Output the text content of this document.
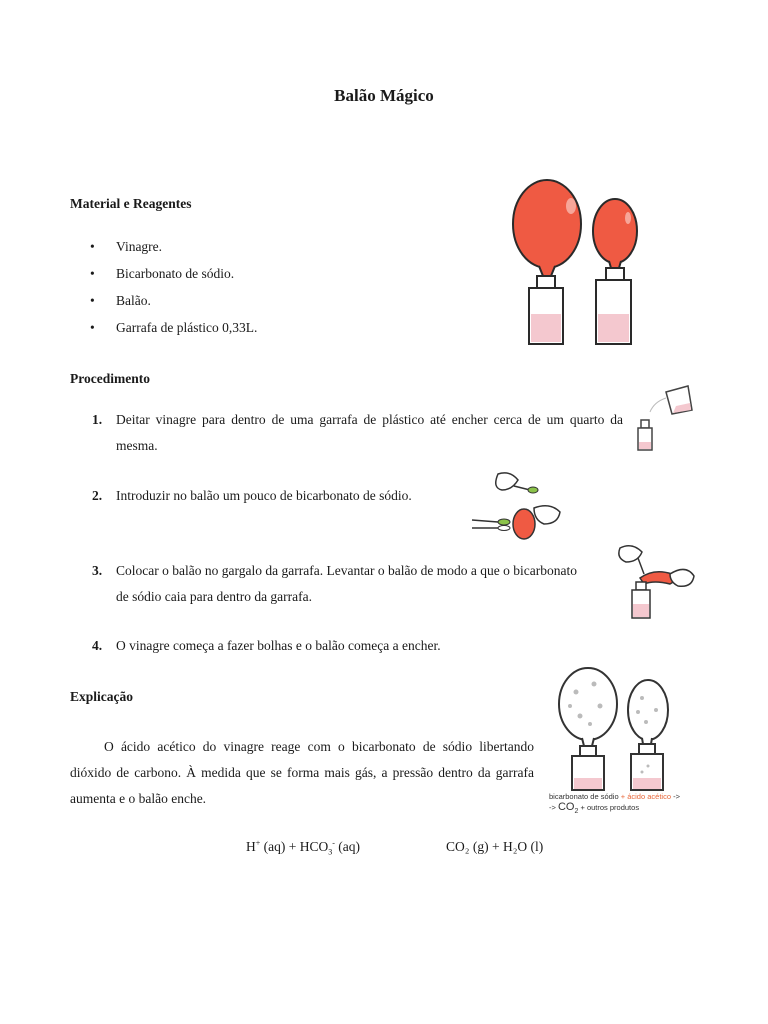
Balão Mágico
Material e Reagentes
• Vinagre.
• Bicarbonato de sódio.
• Balão.
• Garrafa de plástico 0,33L.
Procedimento
1. Deitar vinagre para dentro de uma garrafa de plástico até encher cerca de um quarto da mesma.
2. Introduzir no balão um pouco de bicarbonato de sódio.
3. Colocar o balão no gargalo da garrafa. Levantar o balão de modo a que o bicarbonato de sódio caia para dentro da garrafa.
4. O vinagre começa a fazer bolhas e o balão começa a encher.
Explicação
O ácido acético do vinagre reage com o bicarbonato de sódio libertando dióxido de carbono. À medida que se forma mais gás, a pressão dentro da garrafa aumenta e o balão enche.	bicarbonato de sódio + ácido acético ->
-> $CO_2$ + outros produtos
H+ $(aq) + HCO_3^-$ (aq)	CO₂ (g) + H₂O (l)
